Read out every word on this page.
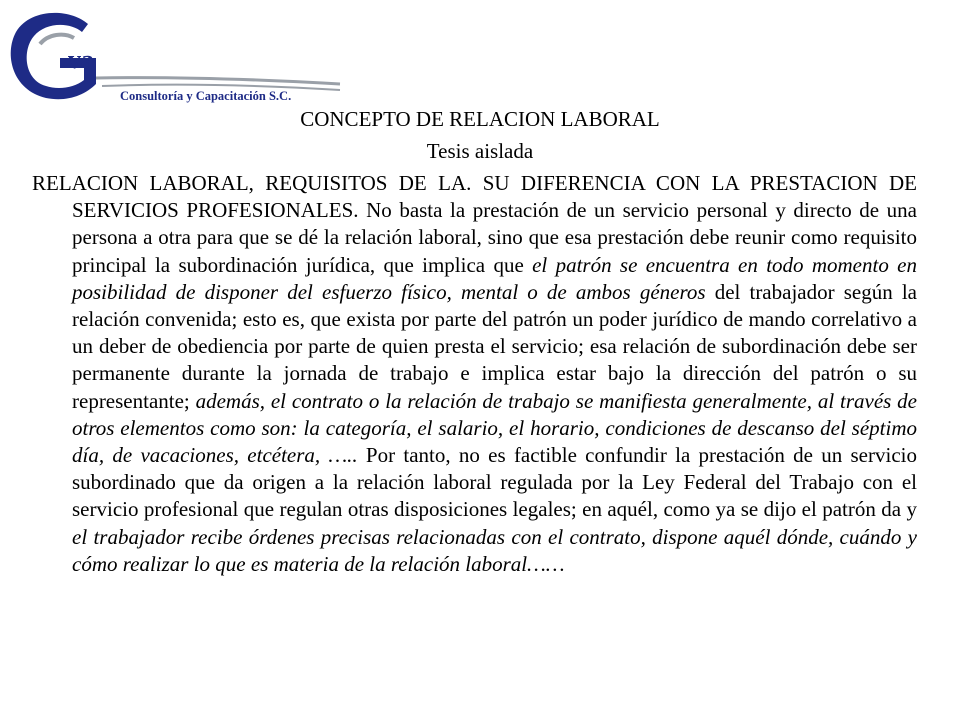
va
Consultoría y Capacitación S.C.
CONCEPTO DE RELACION LABORAL
Tesis aislada
RELACION LABORAL, REQUISITOS DE LA. SU DIFERENCIA CON LA PRESTACION DE SERVICIOS PROFESIONALES. No basta la prestación de un servicio personal y directo de una persona a otra para que se dé la relación laboral, sino que esa prestación debe reunir como requisito principal la subordinación jurídica, que implica que el patrón se encuentra en todo momento en posibilidad de disponer del esfuerzo físico, mental o de ambos géneros del trabajador según la relación convenida; esto es, que exista por parte del patrón un poder jurídico de mando correlativo a un deber de obediencia por parte de quien presta el servicio; esa relación de subordinación debe ser permanente durante la jornada de trabajo e implica estar bajo la dirección del patrón o su representante; además, el contrato o la relación de trabajo se manifiesta generalmente, al través de otros elementos como son: la categoría, el salario, el horario, condiciones de descanso del séptimo día, de vacaciones, etcétera, ….. Por tanto, no es factible confundir la prestación de un servicio subordinado que da origen a la relación laboral regulada por la Ley Federal del Trabajo con el servicio profesional que regulan otras disposiciones legales; en aquél, como ya se dijo el patrón da y el trabajador recibe órdenes precisas relacionadas con el contrato, dispone aquél dónde, cuándo y cómo realizar lo que es materia de la relación laboral……
